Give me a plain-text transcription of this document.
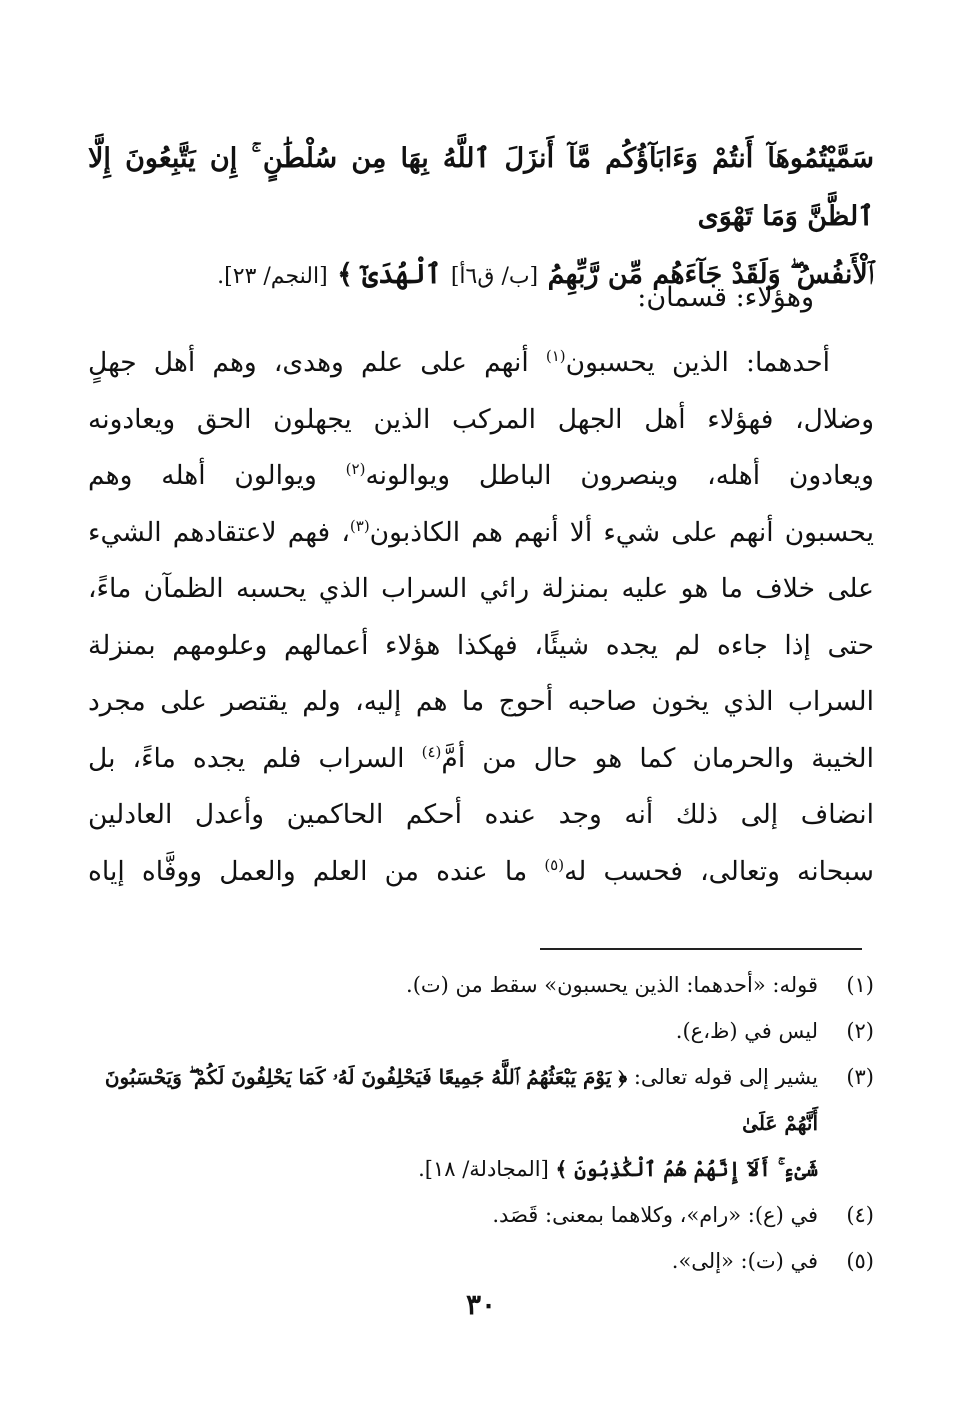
سَمَّيْتُمُوهَآ أَنتُمْ وَءَابَآؤُكُم مَّآ أَنزَلَ ٱللَّهُ بِهَا مِن سُلْطَٰنٍ ۚ إِن يَتَّبِعُونَ إِلَّا ٱلظَّنَّ وَمَا تَهْوَى
ٱلْأَنفُسُ ۖ وَلَقَدْ جَآءَهُم مِّن رَّبِّهِمُ [ب/ ق٦أ] ٱلْهُدَىٰٓ ﴾ [النجم/ ٢٣].
وهؤلاء: قسمان:
أحدهما: الذين يحسبون$^{(١)}$ أنهم على علم وهدى، وهم أهل جهلٍ
وضلال، فهؤلاء أهل الجهل المركب الذين يجهلون الحق ويعادونه
ويعادون أهله، وينصرون الباطل ويوالونه$^{(٢)}$ ويوالون أهله وهم
يحسبون أنهم على شيء ألا أنهم هم الكاذبون$^{(٣)}$، فهم لاعتقادهم الشيء
على خلاف ما هو عليه بمنزلة رائي السراب الذي يحسبه الظمآن ماءً،
حتى إذا جاءه لم يجده شيئًا، فهكذا هؤلاء أعمالهم وعلومهم بمنزلة
السراب الذي يخون صاحبه أحوج ما هم إليه، ولم يقتصر على مجرد
الخيبة والحرمان كما هو حال من أمَّ$^{(٤)}$ السراب فلم يجده ماءً، بل
انضاف إلى ذلك أنه وجد عنده أحكم الحاكمين وأعدل العادلين
سبحانه وتعالى، فحسب له$^{(٥)}$ ما عنده من العلم والعمل ووفَّاه إياه
(١)
قوله: «أحدهما: الذين يحسبون» سقط من (ت).
(٢)
ليس في (ظ،ع).
(٣)
يشير إلى قوله تعالى: ﴿ يَوْمَ يَبْعَثُهُمُ ٱللَّهُ جَمِيعًا فَيَحْلِفُونَ لَهُۥ كَمَا يَحْلِفُونَ لَكُمْ ۖ وَيَحْسَبُونَ أَنَّهُمْ عَلَىٰ
شَىْءٍ ۚ أَلَآ إِنَّهُمْ هُمُ ٱلْكَٰذِبُونَ ﴾ [المجادلة/ ١٨].
(٤)
في (ع): «رام»، وكلاهما بمعنى: قَصَد.
(٥)
في (ت): «إلى».
٣٠
